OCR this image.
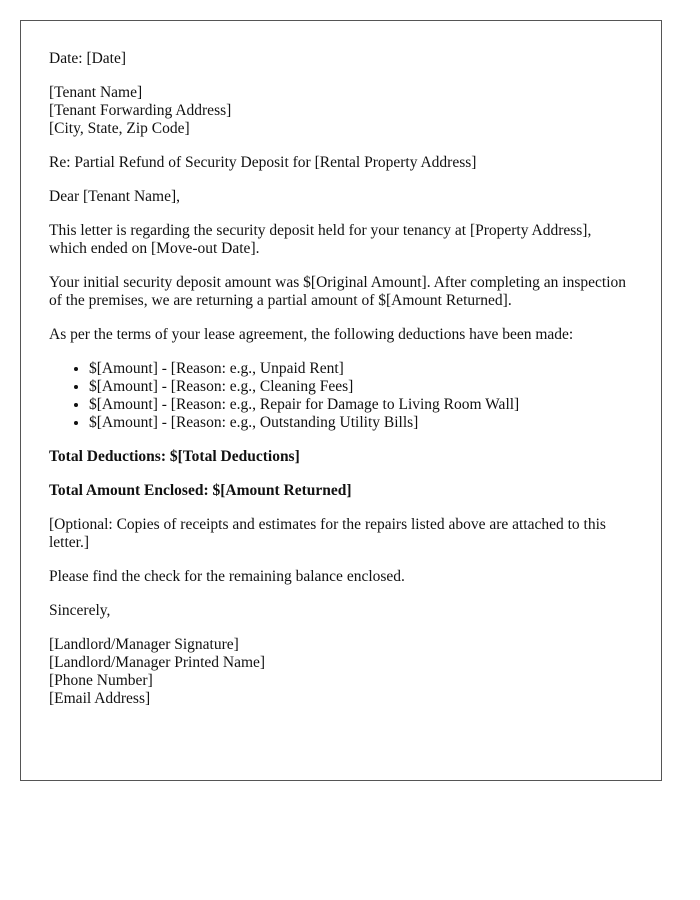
Date: [Date]

[Tenant Name]
[Tenant Forwarding Address]
[City, State, Zip Code]

Re: Partial Refund of Security Deposit for [Rental Property Address]

Dear [Tenant Name],

This letter is regarding the security deposit held for your tenancy at [Property Address], which ended on [Move-out Date].

Your initial security deposit amount was $[Original Amount]. After completing an inspection of the premises, we are returning a partial amount of $[Amount Returned].

As per the terms of your lease agreement, the following deductions have been made:

• $[Amount] - [Reason: e.g., Unpaid Rent]
• $[Amount] - [Reason: e.g., Cleaning Fees]
• $[Amount] - [Reason: e.g., Repair for Damage to Living Room Wall]
• $[Amount] - [Reason: e.g., Outstanding Utility Bills]

Total Deductions: $[Total Deductions]

Total Amount Enclosed: $[Amount Returned]

[Optional: Copies of receipts and estimates for the repairs listed above are attached to this letter.]

Please find the check for the remaining balance enclosed.

Sincerely,

[Landlord/Manager Signature]
[Landlord/Manager Printed Name]
[Phone Number]
[Email Address]
